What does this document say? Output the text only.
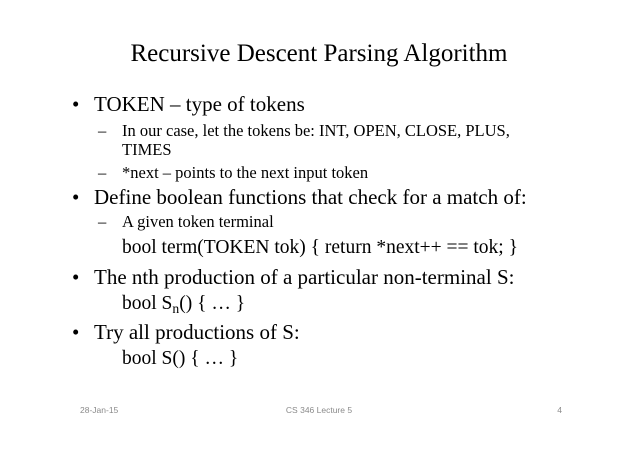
Recursive Descent Parsing Algorithm
• TOKEN – type of tokens
– In our case, let the tokens be: INT, OPEN, CLOSE, PLUS,
TIMES
– *next – points to the next input token
• Define boolean functions that check for a match of:
– A given token terminal
bool term(TOKEN tok) { return *next++ == tok; }
• The nth production of a particular non-terminal S:
bool $S_n()$ { … }
• Try all productions of S:
bool S() { … }
28-Jan-15	CS 346 Lecture 5	4
